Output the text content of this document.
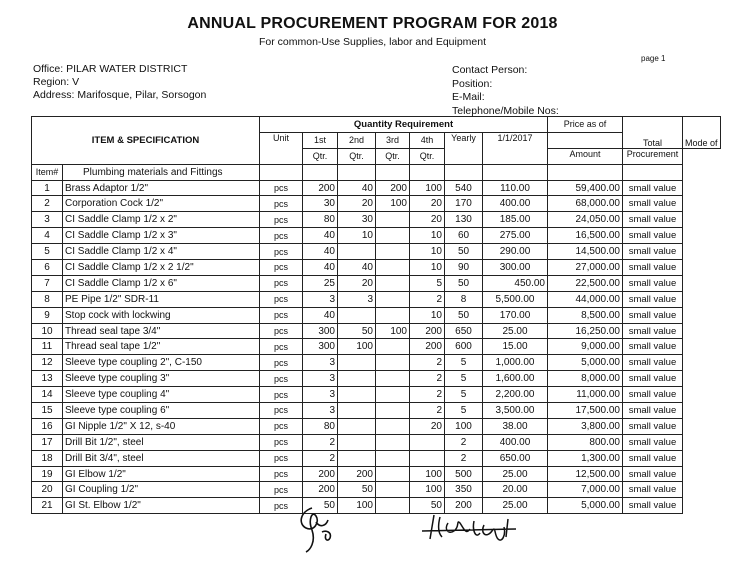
ANNUAL PROCUREMENT PROGRAM FOR 2018
For common-Use Supplies, labor and Equipment
page 1
Office: PILAR WATER DISTRICT
Region: V
Address: Marifosque, Pilar, Sorsogon
Contact Person:
Position:
E-Mail:
Telephone/Mobile Nos:
ITEM & SPECIFICATION		Quantity Requirement							Price as of	Total	Mode of
		Unit	1st	2nd	3rd	4th	Yearly	1/1/2017			
			Qtr.	Qtr.	Qtr.	Qtr.			Amount	Procurement	
Item#	Plumbing materials and Fittings										
1	Brass Adaptor 1/2"	pcs	200	40	200	100	540	110.00	59,400.00	small value	
2	Corporation Cock 1/2"	pcs	30	20	100	20	170	400.00	68,000.00	small value	
3	CI Saddle Clamp 1/2 x 2"	pcs	80	30		20	130	185.00	24,050.00	small value	
4	CI Saddle Clamp 1/2 x 3"	pcs	40	10		10	60	275.00	16,500.00	small value	
5	CI Saddle Clamp 1/2 x 4"	pcs	40			10	50	290.00	14,500.00	small value	
6	CI Saddle Clamp 1/2 x 2 1/2"	pcs	40	40		10	90	300.00	27,000.00	small value	
7	CI Saddle Clamp 1/2 x 6"	pcs	25	20		5	50	450.00	22,500.00	small value	
8	PE Pipe 1/2" SDR-11	pcs	3	3		2	8	5,500.00	44,000.00	small value	
9	Stop cock with lockwing	pcs	40			10	50	170.00	8,500.00	small value	
10	Thread seal tape 3/4"	pcs	300	50	100	200	650	25.00	16,250.00	small value	
11	Thread seal tape 1/2"	pcs	300	100		200	600	15.00	9,000.00	small value	
12	Sleeve type coupling 2", C-150	pcs	3			2	5	1,000.00	5,000.00	small value	
13	Sleeve type coupling 3"	pcs	3			2	5	1,600.00	8,000.00	small value	
14	Sleeve type coupling 4"	pcs	3			2	5	2,200.00	11,000.00	small value	
15	Sleeve type coupling 6"	pcs	3			2	5	3,500.00	17,500.00	small value	
16	GI Nipple 1/2" X 12, s-40	pcs	80			20	100	38.00	3,800.00	small value	
17	Drill Bit 1/2", steel	pcs	2				2	400.00	800.00	small value	
18	Drill Bit 3/4", steel	pcs	2				2	650.00	1,300.00	small value	
19	GI Elbow 1/2"	pcs	200	200		100	500	25.00	12,500.00	small value	
20	GI Coupling 1/2"	pcs	200	50		100	350	20.00	7,000.00	small value	
21	GI St. Elbow 1/2"	pcs	50	100		50	200	25.00	5,000.00	small value	
